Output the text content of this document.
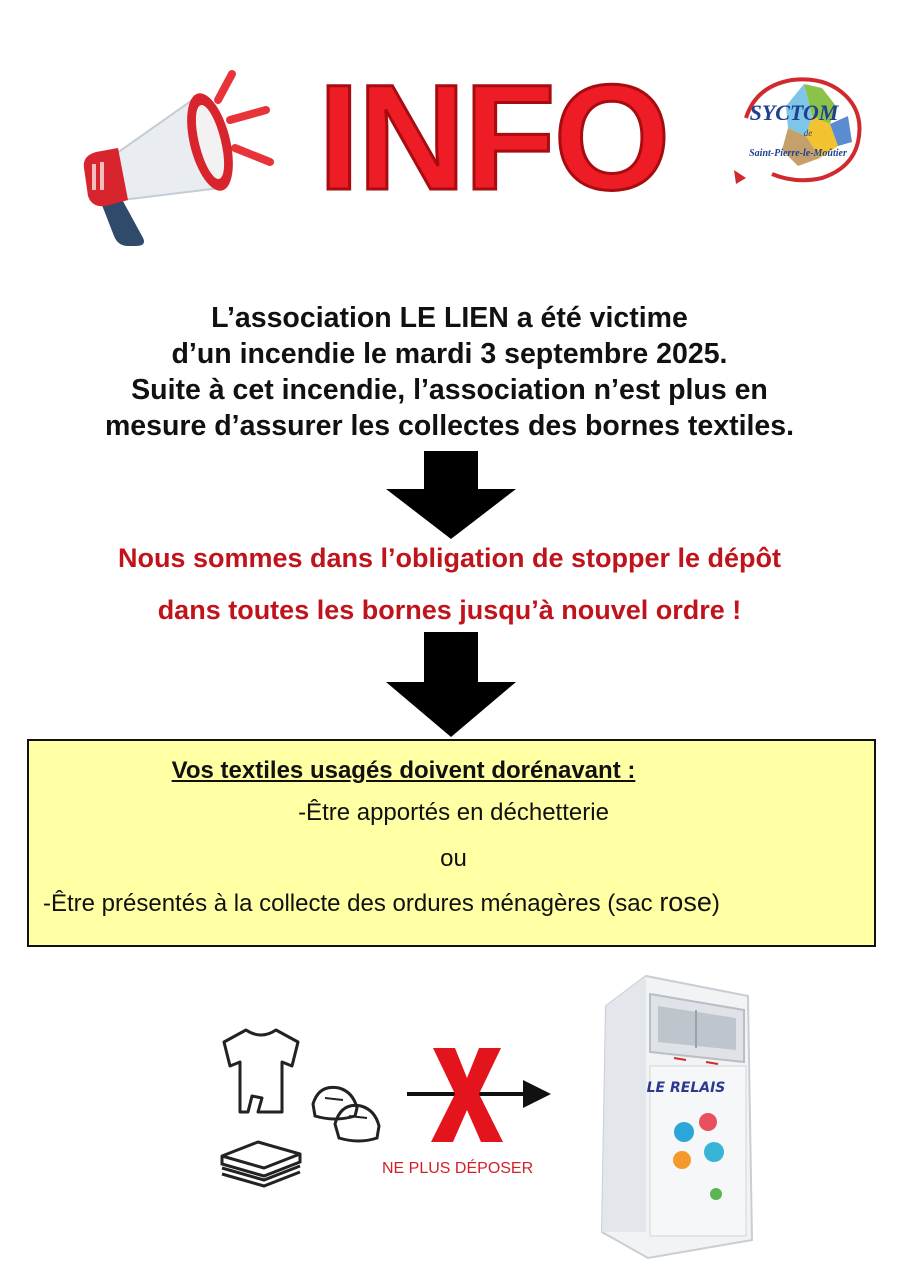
INFO	SYCTOM
de
Saint-Pierre-le-Moûtier
L’association LE LIEN a été victime
d’un incendie le mardi 3 septembre 2025.
Suite à cet incendie, l’association n’est plus en
mesure d’assurer les collectes des bornes textiles.
Nous sommes dans l’obligation de stopper le dépôt
dans toutes les bornes jusqu’à nouvel ordre !
Vos textiles usagés doivent dorénavant :
-Être apportés en déchetterie
ou
-Être présentés à la collecte des ordures ménagères (sac rose)
NE PLUS DÉPOSER
LE RELAIS
